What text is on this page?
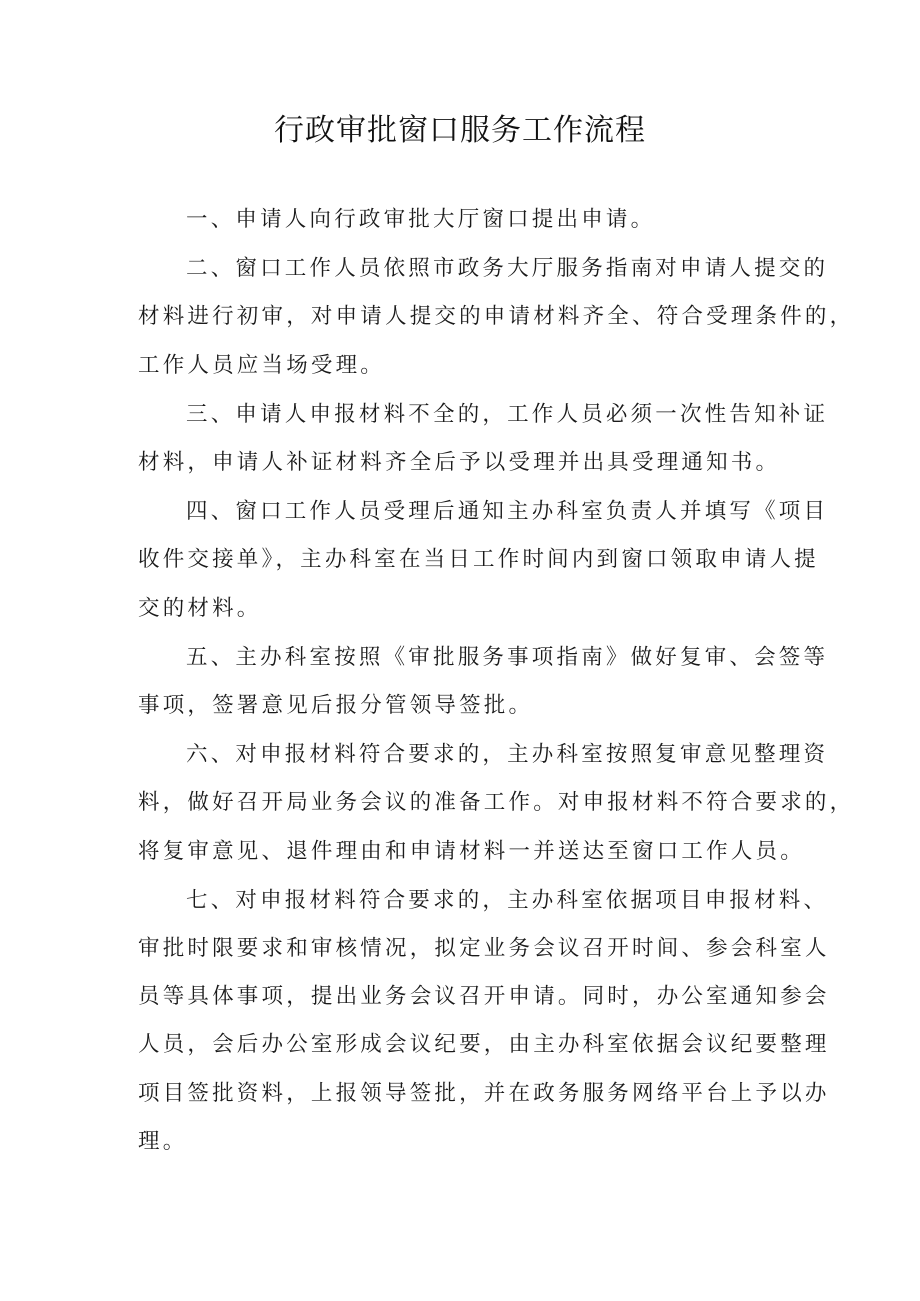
行政审批窗口服务工作流程

一、申请人向行政审批大厅窗口提出申请。

二、窗口工作人员依照市政务大厅服务指南对申请人提交的
材料进行初审，对申请人提交的申请材料齐全、符合受理条件的，
工作人员应当场受理。

三、申请人申报材料不全的，工作人员必须一次性告知补证
材料，申请人补证材料齐全后予以受理并出具受理通知书。

四、窗口工作人员受理后通知主办科室负责人并填写《项目
收件交接单》，主办科室在当日工作时间内到窗口领取申请人提
交的材料。

五、主办科室按照《审批服务事项指南》做好复审、会签等
事项，签署意见后报分管领导签批。

六、对申报材料符合要求的，主办科室按照复审意见整理资
料，做好召开局业务会议的准备工作。对申报材料不符合要求的，
将复审意见、退件理由和申请材料一并送达至窗口工作人员。

七、对申报材料符合要求的，主办科室依据项目申报材料、
审批时限要求和审核情况，拟定业务会议召开时间、参会科室人
员等具体事项，提出业务会议召开申请。同时，办公室通知参会
人员，会后办公室形成会议纪要，由主办科室依据会议纪要整理
项目签批资料，上报领导签批，并在政务服务网络平台上予以办
理。
